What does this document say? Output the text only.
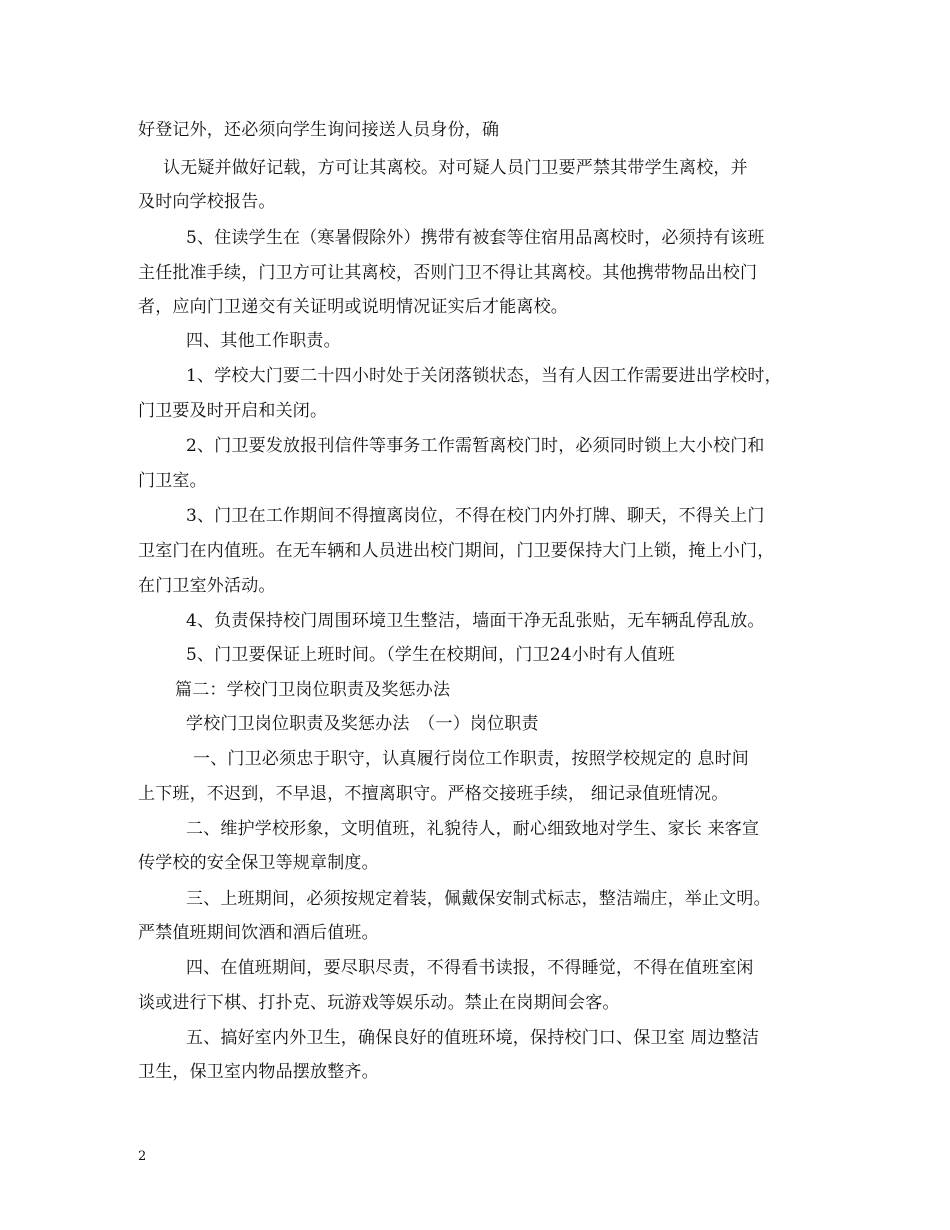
好登记外，还必须向学生询问接送人员身份，确
认无疑并做好记载，方可让其离校。对可疑人员门卫要严禁其带学生离校，并
及时向学校报告。
5、住读学生在（寒暑假除外）携带有被套等住宿用品离校时，必须持有该班
主任批准手续，门卫方可让其离校，否则门卫不得让其离校。其他携带物品出校门
者，应向门卫递交有关证明或说明情况证实后才能离校。
四、其他工作职责。
1、学校大门要二十四小时处于关闭落锁状态，当有人因工作需要进出学校时，
门卫要及时开启和关闭。
2、门卫要发放报刊信件等事务工作需暂离校门时，必须同时锁上大小校门和
门卫室。
3、门卫在工作期间不得擅离岗位，不得在校门内外打牌、聊天，不得关上门
卫室门在内值班。在无车辆和人员进出校门期间，门卫要保持大门上锁，掩上小门，
在门卫室外活动。
4、负责保持校门周围环境卫生整洁，墙面干净无乱张贴，无车辆乱停乱放。
5、门卫要保证上班时间。（学生在校期间，门卫24小时有人值班
篇二：学校门卫岗位职责及奖惩办法
学校门卫岗位职责及奖惩办法　（一）岗位职责
一、门卫必须忠于职守，认真履行岗位工作职责，按照学校规定的 息时间
上下班，不迟到，不早退，不擅离职守。严格交接班手续， 细记录值班情况。
二、维护学校形象，文明值班，礼貌待人，耐心细致地对学生、家长 来客宣
传学校的安全保卫等规章制度。
三、上班期间，必须按规定着装，佩戴保安制式标志，整洁端庄，举止文明。
严禁值班期间饮酒和酒后值班。
四、在值班期间，要尽职尽责，不得看书读报，不得睡觉，不得在值班室闲
谈或进行下棋、打扑克、玩游戏等娱乐动。禁止在岗期间会客。
五、搞好室内外卫生，确保良好的值班环境，保持校门口、保卫室 周边整洁
卫生，保卫室内物品摆放整齐。
2
